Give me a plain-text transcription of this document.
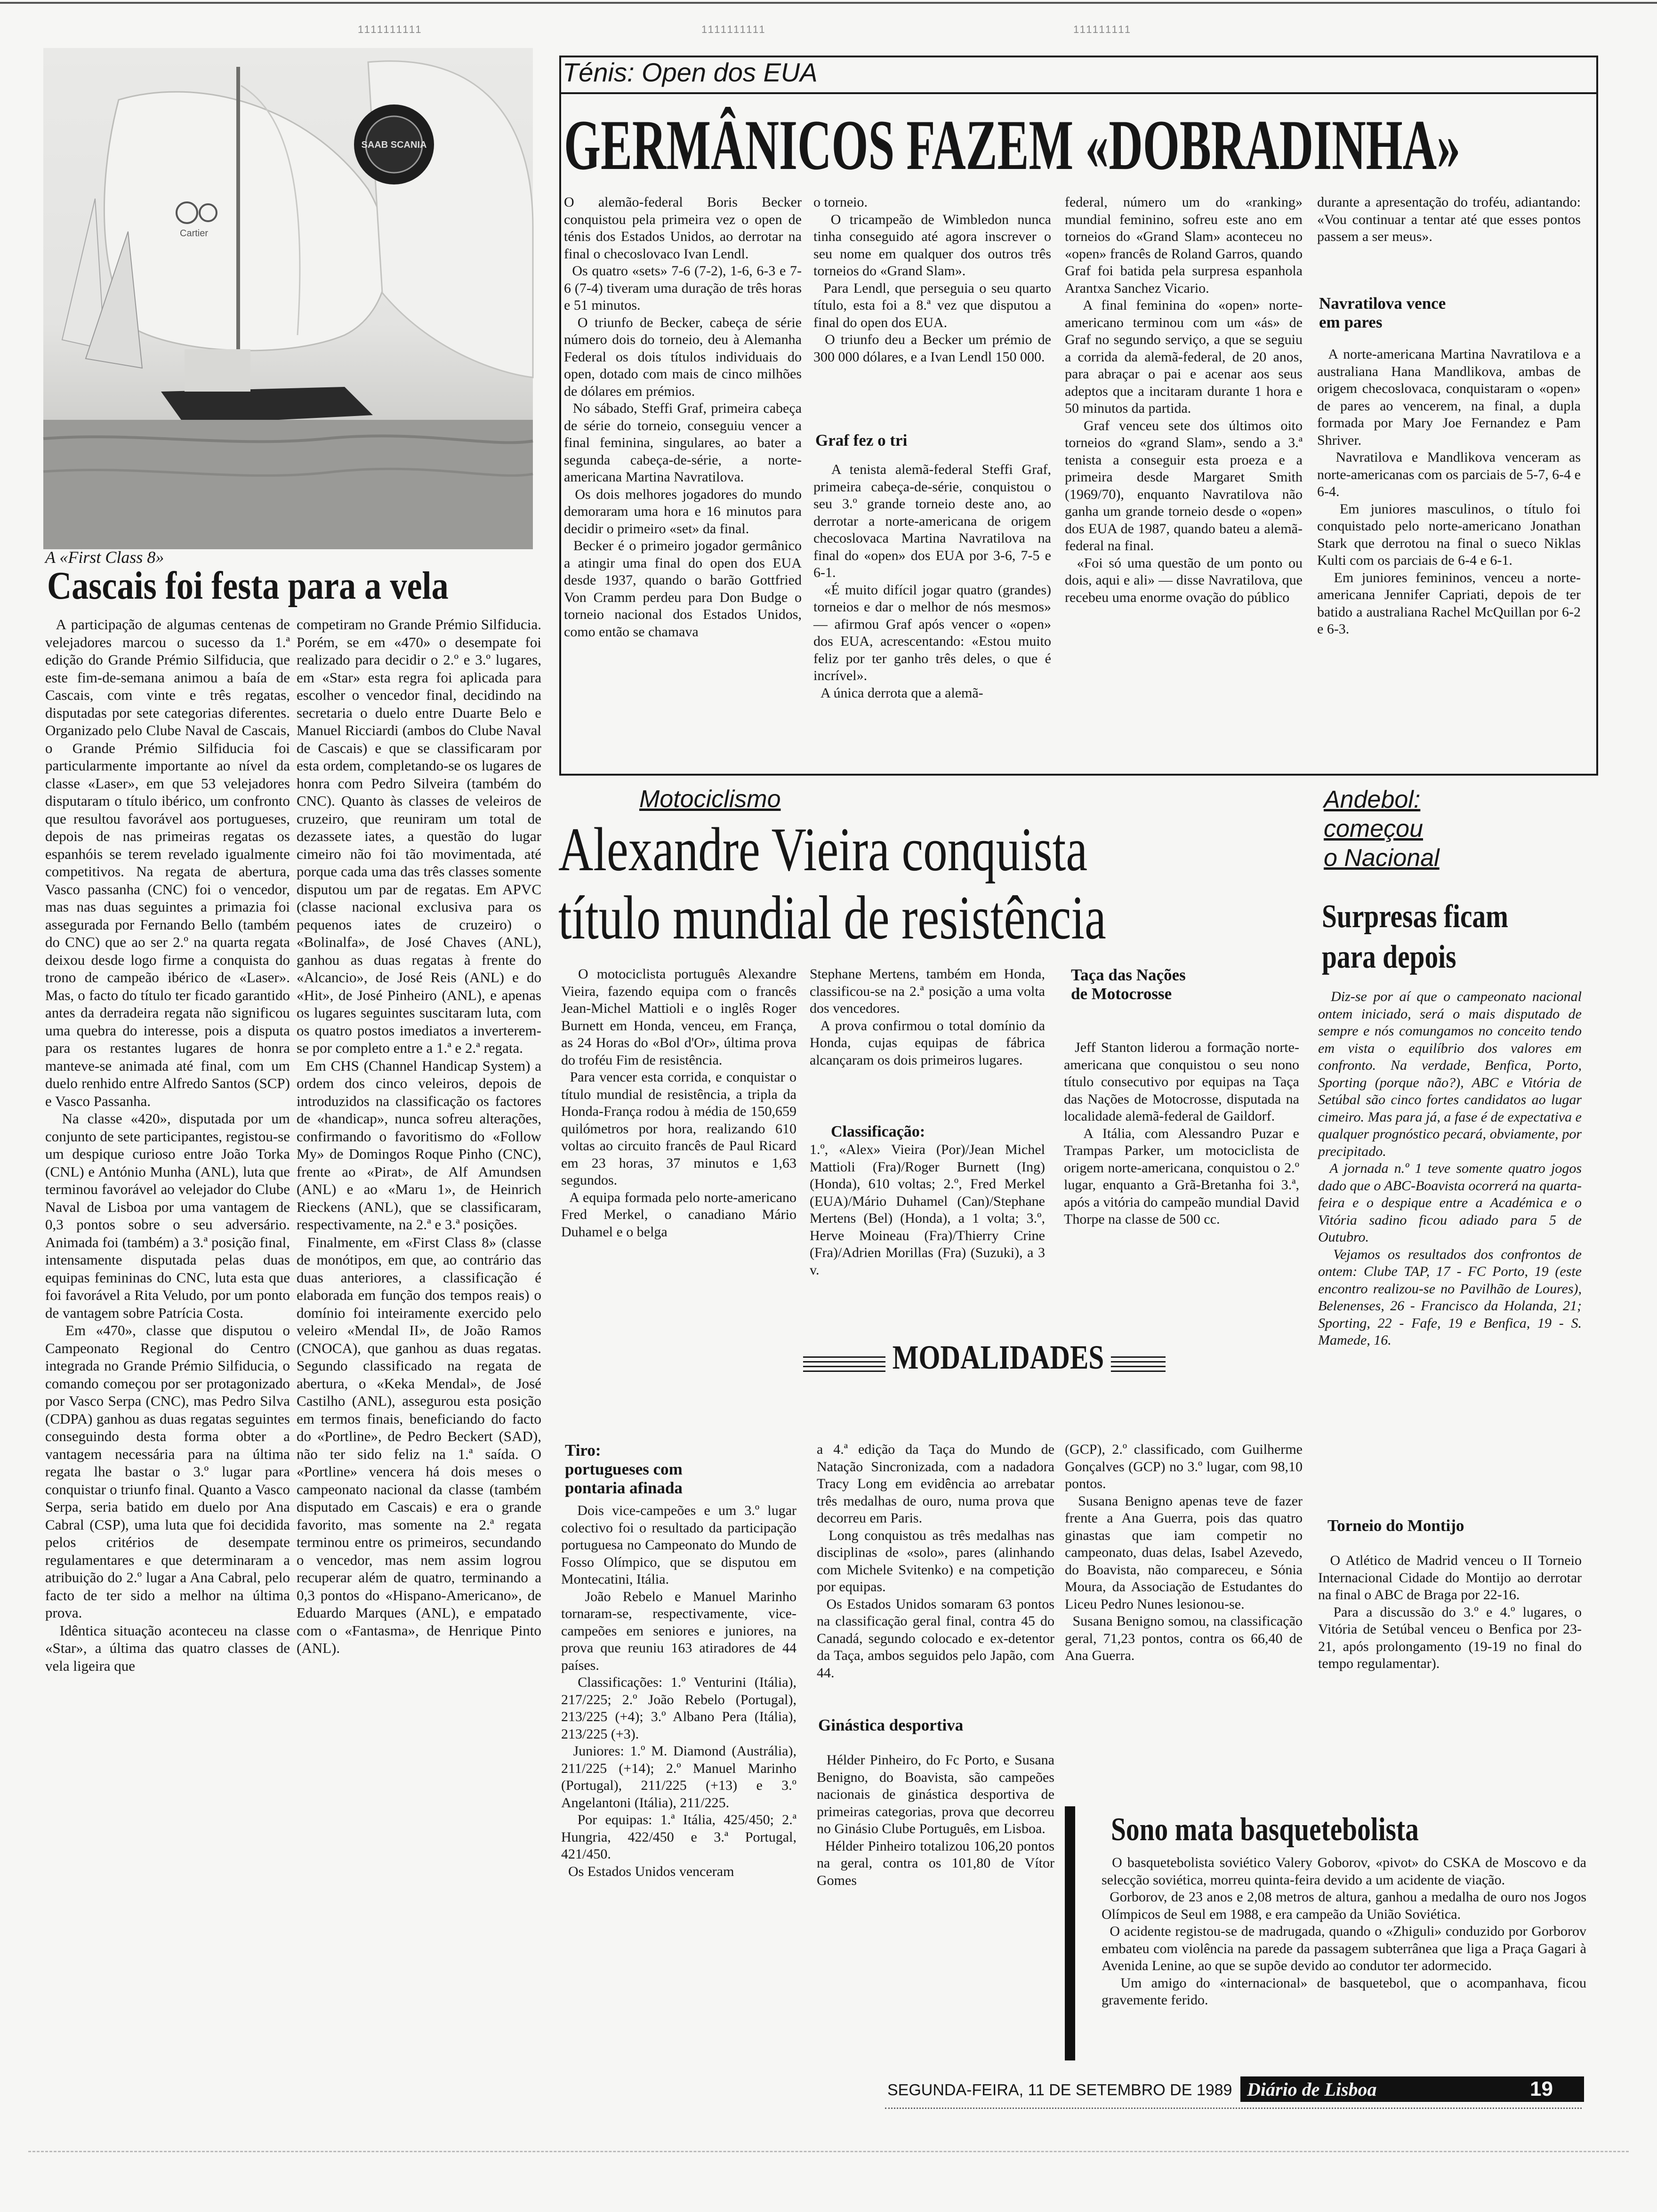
1111111111	1111111111	111111111
SAAB SCANIA
Cartier
A «First Class 8»
Cascais foi festa para a vela
A participação de algumas centenas de velejadores marcou o sucesso da 1.ª edição do Grande Prémio Silfiducia, que este fim-de-semana animou a baía de Cascais, com vinte e três regatas, disputadas por sete categorias diferentes. Organizado pelo Clube Naval de Cascais, o Grande Prémio Silfiducia foi particularmente importante ao nível da classe «Laser», em que 53 velejadores disputaram o título ibérico, um confronto que resultou favorável aos portugueses, depois de nas primeiras regatas os espanhóis se terem revelado igualmente competitivos. Na regata de abertura, Vasco passanha (CNC) foi o vencedor, mas nas duas seguintes a primazia foi assegurada por Fernando Bello (também do CNC) que ao ser 2.º na quarta regata deixou desde logo firme a conquista do trono de campeão ibérico de «Laser». Mas, o facto do título ter ficado garantido antes da derradeira regata não significou uma quebra do interesse, pois a disputa para os restantes lugares de honra manteve-se animada até final, com um duelo renhido entre Alfredo Santos (SCP) e Vasco Passanha.
Na classe «420», disputada por um conjunto de sete participantes, registou-se um despique curioso entre João Torka (CNL) e António Munha (ANL), luta que terminou favorável ao velejador do Clube Naval de Lisboa por uma vantagem de 0,3 pontos sobre o seu adversário. Animada foi (também) a 3.ª posição final, intensamente disputada pelas duas equipas femininas do CNC, luta esta que foi favorável a Rita Veludo, por um ponto de vantagem sobre Patrícia Costa.
Em «470», classe que disputou o Campeonato Regional do Centro integrada no Grande Prémio Silfiducia, o comando começou por ser protagonizado por Vasco Serpa (CNC), mas Pedro Silva (CDPA) ganhou as duas regatas seguintes conseguindo desta forma obter a vantagem necessária para na última regata lhe bastar o 3.º lugar para conquistar o triunfo final. Quanto a Vasco Serpa, seria batido em duelo por Ana Cabral (CSP), uma luta que foi decidida pelos critérios de desempate regulamentares e que determinaram a atribuição do 2.º lugar a Ana Cabral, pelo facto de ter sido a melhor na última prova.
Idêntica situação aconteceu na classe «Star», a última das quatro classes de vela ligeira que
competiram no Grande Prémio Silfiducia. Porém, se em «470» o desempate foi realizado para decidir o 2.º e 3.º lugares, em «Star» esta regra foi aplicada para escolher o vencedor final, decidindo na secretaria o duelo entre Duarte Belo e Manuel Ricciardi (ambos do Clube Naval de Cascais) e que se classificaram por esta ordem, completando-se os lugares de honra com Pedro Silveira (também do CNC). Quanto às classes de veleiros de cruzeiro, que reuniram um total de dezassete iates, a questão do lugar cimeiro não foi tão movimentada, até porque cada uma das três classes somente disputou um par de regatas. Em APVC (classe nacional exclusiva para os pequenos iates de cruzeiro) o «Bolinalfa», de José Chaves (ANL), ganhou as duas regatas à frente do «Alcancio», de José Reis (ANL) e do «Hit», de José Pinheiro (ANL), e apenas os lugares seguintes suscitaram luta, com os quatro postos imediatos a inverterem-se por completo entre a 1.ª e 2.ª regata.
Em CHS (Channel Handicap System) a ordem dos cinco veleiros, depois de introduzidos na classificação os factores de «handicap», nunca sofreu alterações, confirmando o favoritismo do «Follow My» de Domingos Roque Pinho (CNC), frente ao «Pirat», de Alf Amundsen (ANL) e ao «Maru 1», de Heinrich Rieckens (ANL), que se classificaram, respectivamente, na 2.ª e 3.ª posições.
Finalmente, em «First Class 8» (classe de monótipos, em que, ao contrário das duas anteriores, a classificação é elaborada em função dos tempos reais) o domínio foi inteiramente exercido pelo veleiro «Mendal II», de João Ramos (CNOCA), que ganhou as duas regatas. Segundo classificado na regata de abertura, o «Keka Mendal», de José Castilho (ANL), assegurou esta posição em termos finais, beneficiando do facto do «Portline», de Pedro Beckert (SAD), não ter sido feliz na 1.ª saída. O «Portline» vencera há dois meses o campeonato nacional da classe (também disputado em Cascais) e era o grande favorito, mas somente na 2.ª regata terminou entre os primeiros, secundando o vencedor, mas nem assim logrou recuperar além de quatro, terminando a 0,3 pontos do «Hispano-Americano», de Eduardo Marques (ANL), e empatado com o «Fantasma», de Henrique Pinto (ANL).
Ténis: Open dos EUA
GERMÂNICOS FAZEM «DOBRADINHA»
O alemão-federal Boris Becker conquistou pela primeira vez o open de ténis dos Estados Unidos, ao derrotar na final o checoslovaco Ivan Lendl.
Os quatro «sets» 7-6 (7-2), 1-6, 6-3 e 7-6 (7-4) tiveram uma duração de três horas e 51 minutos.
O triunfo de Becker, cabeça de série número dois do torneio, deu à Alemanha Federal os dois títulos individuais do open, dotado com mais de cinco milhões de dólares em prémios.
No sábado, Steffi Graf, primeira cabeça de série do torneio, conseguiu vencer a final feminina, singulares, ao bater a segunda cabeça-de-série, a norte-americana Martina Navratilova.
Os dois melhores jogadores do mundo demoraram uma hora e 16 minutos para decidir o primeiro «set» da final.
Becker é o primeiro jogador germânico a atingir uma final do open dos EUA desde 1937, quando o barão Gottfried Von Cramm perdeu para Don Budge o torneio nacional dos Estados Unidos, como então se chamava
o torneio.
O tricampeão de Wimbledon nunca tinha conseguido até agora inscrever o seu nome em qualquer dos outros três torneios do «Grand Slam».
Para Lendl, que perseguia o seu quarto título, esta foi a 8.ª vez que disputou a final do open dos EUA.
O triunfo deu a Becker um prémio de 300 000 dólares, e a Ivan Lendl 150 000.
Graf fez o tri
A tenista alemã-federal Steffi Graf, primeira cabeça-de-série, conquistou o seu 3.º grande torneio deste ano, ao derrotar a norte-americana de origem checoslovaca Martina Navratilova na final do «open» dos EUA por 3-6, 7-5 e 6-1.
«É muito difícil jogar quatro (grandes) torneios e dar o melhor de nós mesmos» — afirmou Graf após vencer o «open» dos EUA, acrescentando: «Estou muito feliz por ter ganho três deles, o que é incrível».
A única derrota que a alemã-
federal, número um do «ranking» mundial feminino, sofreu este ano em torneios do «Grand Slam» aconteceu no «open» francês de Roland Garros, quando Graf foi batida pela surpresa espanhola Arantxa Sanchez Vicario.
A final feminina do «open» norte-americano terminou com um «ás» de Graf no segundo serviço, a que se seguiu a corrida da alemã-federal, de 20 anos, para abraçar o pai e acenar aos seus adeptos que a incitaram durante 1 hora e 50 minutos da partida.
Graf venceu sete dos últimos oito torneios do «grand Slam», sendo a 3.ª tenista a conseguir esta proeza e a primeira desde Margaret Smith (1969/70), enquanto Navratilova não ganha um grande torneio desde o «open» dos EUA de 1987, quando bateu a alemã-federal na final.
«Foi só uma questão de um ponto ou dois, aqui e ali» — disse Navratilova, que recebeu uma enorme ovação do público
durante a apresentação do troféu, adiantando: «Vou continuar a tentar até que esses pontos passem a ser meus».
Navratilova vence
em pares
A norte-americana Martina Navratilova e a australiana Hana Mandlikova, ambas de origem checoslovaca, conquistaram o «open» de pares ao vencerem, na final, a dupla formada por Mary Joe Fernandez e Pam Shriver.
Navratilova e Mandlikova venceram as norte-americanas com os parciais de 5-7, 6-4 e 6-4.
Em juniores masculinos, o título foi conquistado pelo norte-americano Jonathan Stark que derrotou na final o sueco Niklas Kulti com os parciais de 6-4 e 6-1.
Em juniores femininos, venceu a norte-americana Jennifer Capriati, depois de ter batido a australiana Rachel McQuillan por 6-2 e 6-3.
Motociclismo
Alexandre Vieira conquista
título mundial de resistência
O motociclista português Alexandre Vieira, fazendo equipa com o francês Jean-Michel Mattioli e o inglês Roger Burnett em Honda, venceu, em França, as 24 Horas do «Bol d'Or», última prova do troféu Fim de resistência.
Para vencer esta corrida, e conquistar o título mundial de resistência, a tripla da Honda-França rodou à média de 150,659 quilómetros por hora, realizando 610 voltas ao circuito francês de Paul Ricard em 23 horas, 37 minutos e 1,63 segundos.
A equipa formada pelo norte-americano Fred Merkel, o canadiano Mário Duhamel e o belga
Stephane Mertens, também em Honda, classificou-se na 2.ª posição a uma volta dos vencedores.
A prova confirmou o total domínio da Honda, cujas equipas de fábrica alcançaram os dois primeiros lugares.
Classificação:
1.º, «Alex» Vieira (Por)/Jean Michel Mattioli (Fra)/Roger Burnett (Ing) (Honda), 610 voltas; 2.º, Fred Merkel (EUA)/Mário Duhamel (Can)/Stephane Mertens (Bel) (Honda), a 1 volta; 3.º, Herve Moineau (Fra)/Thierry Crine (Fra)/Adrien Morillas (Fra) (Suzuki), a 3 v.
Taça das Nações
de Motocrosse
Jeff Stanton liderou a formação norte-americana que conquistou o seu nono título consecutivo por equipas na Taça das Nações de Motocrosse, disputada na localidade alemã-federal de Gaildorf.
A Itália, com Alessandro Puzar e Trampas Parker, um motociclista de origem norte-americana, conquistou o 2.º lugar, enquanto a Grã-Bretanha foi 3.ª, após a vitória do campeão mundial David Thorpe na classe de 500 cc.
Andebol:
começou
o Nacional
Surpresas ficam
para depois
Diz-se por aí que o campeonato nacional ontem iniciado, será o mais disputado de sempre e nós comungamos no conceito tendo em vista o equilíbrio dos valores em confronto. Na verdade, Benfica, Porto, Sporting (porque não?), ABC e Vitória de Setúbal são cinco fortes candidatos ao lugar cimeiro. Mas para já, a fase é de expectativa e qualquer prognóstico pecará, obviamente, por precipitado.
A jornada n.º 1 teve somente quatro jogos dado que o ABC-Boavista ocorrerá na quarta-feira e o despique entre a Académica e o Vitória sadino ficou adiado para 5 de Outubro.
Vejamos os resultados dos confrontos de ontem: Clube TAP, 17 - FC Porto, 19 (este encontro realizou-se no Pavilhão de Loures), Belenenses, 26 - Francisco da Holanda, 21; Sporting, 22 - Fafe, 19 e Benfica, 19 - S. Mamede, 16.
Torneio do Montijo
O Atlético de Madrid venceu o II Torneio Internacional Cidade do Montijo ao derrotar na final o ABC de Braga por 22-16.
Para a discussão do 3.º e 4.º lugares, o Vitória de Setúbal venceu o Benfica por 23-21, após prolongamento (19-19 no final do tempo regulamentar).
MODALIDADES
Tiro:
portugueses com
pontaria afinada
Dois vice-campeões e um 3.º lugar colectivo foi o resultado da participação portuguesa no Campeonato do Mundo de Fosso Olímpico, que se disputou em Montecatini, Itália.
João Rebelo e Manuel Marinho tornaram-se, respectivamente, vice-campeões em seniores e juniores, na prova que reuniu 163 atiradores de 44 países.
Classificações: 1.º Venturini (Itália), 217/225; 2.º João Rebelo (Portugal), 213/225 (+4); 3.º Albano Pera (Itália), 213/225 (+3).
Juniores: 1.º M. Diamond (Austrália), 211/225 (+14); 2.º Manuel Marinho (Portugal), 211/225 (+13) e 3.º Angelantoni (Itália), 211/225.
Por equipas: 1.ª Itália, 425/450; 2.ª Hungria, 422/450 e 3.ª Portugal, 421/450.
Os Estados Unidos venceram
a 4.ª edição da Taça do Mundo de Natação Sincronizada, com a nadadora Tracy Long em evidência ao arrebatar três medalhas de ouro, numa prova que decorreu em Paris.
Long conquistou as três medalhas nas disciplinas de «solo», pares (alinhando com Michele Svitenko) e na competição por equipas.
Os Estados Unidos somaram 63 pontos na classificação geral final, contra 45 do Canadá, segundo colocado e ex-detentor da Taça, ambos seguidos pelo Japão, com 44.
Ginástica desportiva
Hélder Pinheiro, do Fc Porto, e Susana Benigno, do Boavista, são campeões nacionais de ginástica desportiva de primeiras categorias, prova que decorreu no Ginásio Clube Português, em Lisboa.
Hélder Pinheiro totalizou 106,20 pontos na geral, contra os 101,80 de Vítor Gomes
(GCP), 2.º classificado, com Guilherme Gonçalves (GCP) no 3.º lugar, com 98,10 pontos.
Susana Benigno apenas teve de fazer frente a Ana Guerra, pois das quatro ginastas que iam competir no campeonato, duas delas, Isabel Azevedo, do Boavista, não compareceu, e Sónia Moura, da Associação de Estudantes do Liceu Pedro Nunes lesionou-se.
Susana Benigno somou, na classificação geral, 71,23 pontos, contra os 66,40 de Ana Guerra.
Sono mata basquetebolista
O basquetebolista soviético Valery Goborov, «pivot» do CSKA de Moscovo e da selecção soviética, morreu quinta-feira devido a um acidente de viação.
Gorborov, de 23 anos e 2,08 metros de altura, ganhou a medalha de ouro nos Jogos Olímpicos de Seul em 1988, e era campeão da União Soviética.
O acidente registou-se de madrugada, quando o «Zhiguli» conduzido por Gorborov embateu com violência na parede da passagem subterrânea que liga a Praça Gagari à Avenida Lenine, ao que se supõe devido ao condutor ter adormecido.
Um amigo do «internacional» de basquetebol, que o acompanhava, ficou gravemente ferido.
SEGUNDA-FEIRA, 11 DE SETEMBRO DE 1989 Diário de Lisboa	19
